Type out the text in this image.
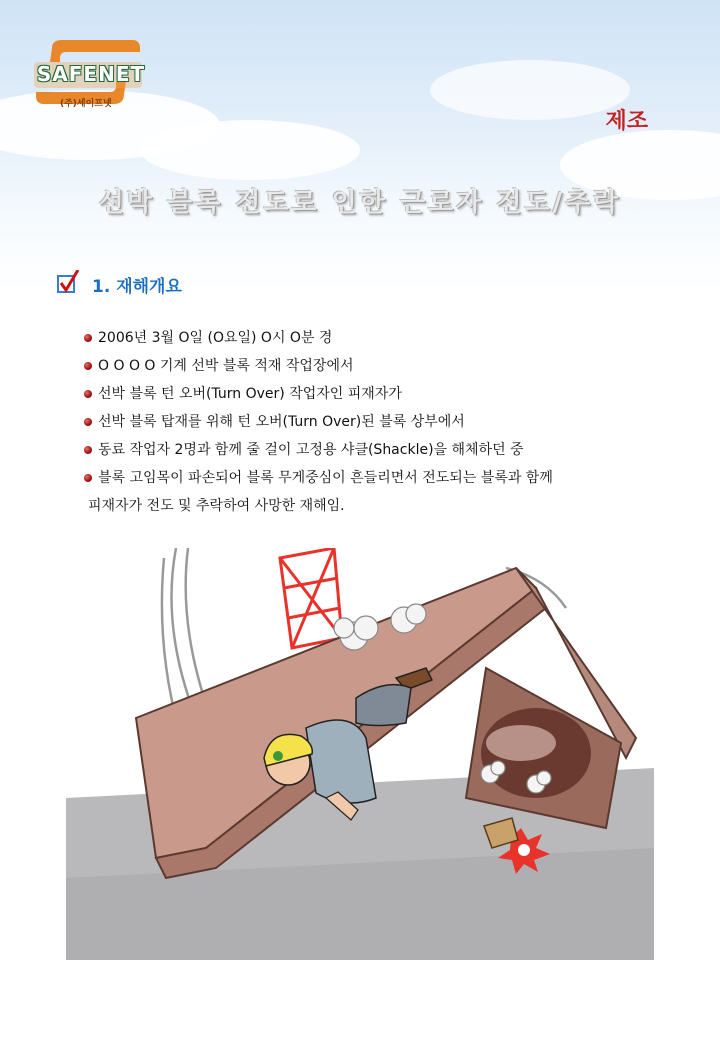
SAFENET
(주)세이프넷
제조
선박 블록 전도로 인한 근로자 전도/추락
1. 재해개요
2006년 3월 O일 (O요일) O시 O분 경
O O O O 기계 선박 블록 적재 작업장에서
선박 블록 턴 오버(Turn Over) 작업자인 피재자가
선박 블록 탑재를 위해 턴 오버(Turn Over)된 블록 상부에서
동료 작업자 2명과 함께 줄 걸이 고정용 샤클(Shackle)을 해체하던 중
블록 고임목이 파손되어 블록 무게중심이 흔들리면서 전도되는 블록과 함께
피재자가 전도 및 추락하여 사망한 재해임.
